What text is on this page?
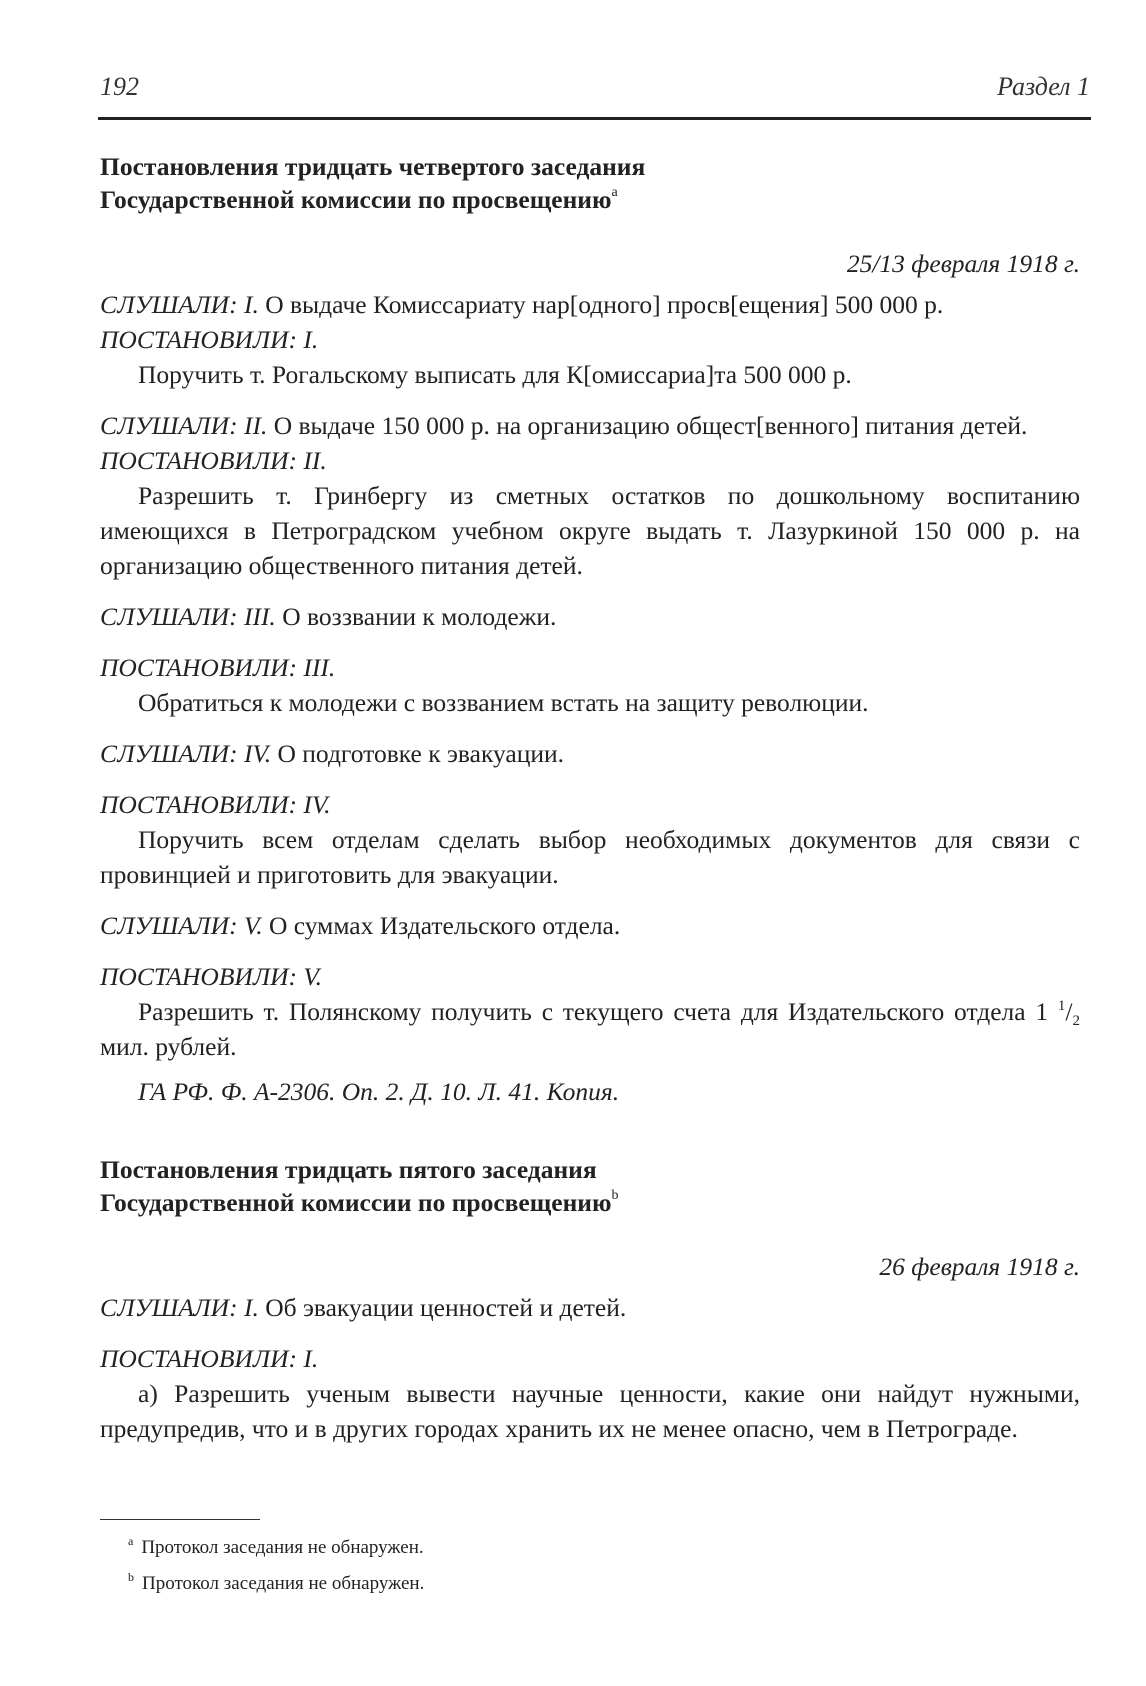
192	Раздел 1

Постановления тридцать четвертого заседания
Государственной комиссии по просвещению$^a$

25/13 февраля 1918 г.

СЛУШАЛИ: I. О выдаче Комиссариату нар[одного] просв[ещения] 500 000 р.

ПОСТАНОВИЛИ: I.

Поручить т. Рогальскому выписать для К[омиссариа]та 500 000 р.

СЛУШАЛИ: II. О выдаче 150 000 р. на организацию общест[венного] питания детей.

ПОСТАНОВИЛИ: II.

Разрешить т. Гринбергу из сметных остатков по дошкольному воспитанию имеющихся в Петроградском учебном округе выдать т. Лазуркиной 150 000 р. на организацию общественного питания детей.

СЛУШАЛИ: III. О воззвании к молодежи.

ПОСТАНОВИЛИ: III.

Обратиться к молодежи с воззванием встать на защиту революции.

СЛУШАЛИ: IV. О подготовке к эвакуации.

ПОСТАНОВИЛИ: IV.

Поручить всем отделам сделать выбор необходимых документов для связи с провинцией и приготовить для эвакуации.

СЛУШАЛИ: V. О суммах Издательского отдела.

ПОСТАНОВИЛИ: V.

Разрешить т. Полянскому получить с текущего счета для Издательского отдела 1 $^1/_2$ мил. рублей.

ГА РФ. Ф. А-2306. Оп. 2. Д. 10. Л. 41. Копия.

Постановления тридцать пятого заседания
Государственной комиссии по просвещению$^b$

26 февраля 1918 г.

СЛУШАЛИ: I. Об эвакуации ценностей и детей.

ПОСТАНОВИЛИ: I.

а) Разрешить ученым вывести научные ценности, какие они найдут нужными, предупредив, что и в других городах хранить их не менее опасно, чем в Петрограде.

$^a$ Протокол заседания не обнаружен.

$^b$ Протокол заседания не обнаружен.
